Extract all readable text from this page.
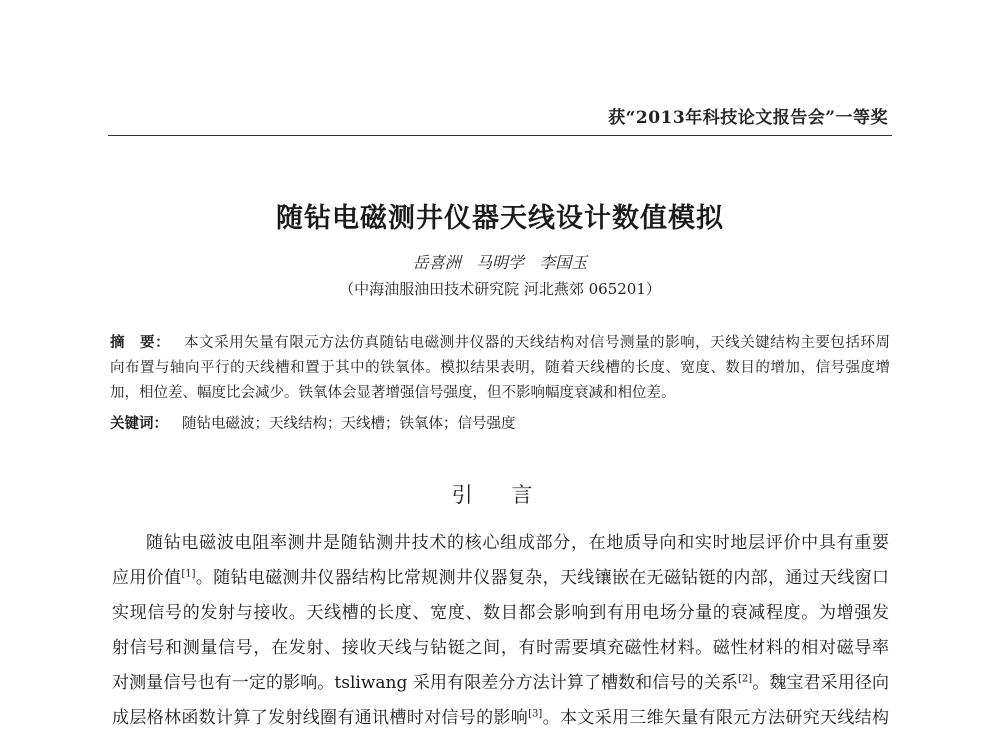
获“2013年科技论文报告会”一等奖
随钻电磁测井仪器天线设计数值模拟
岳喜洲 马明学 李国玉
（中海油服油田技术研究院 河北燕郊 065201）
摘　要： 本文采用矢量有限元方法仿真随钻电磁测井仪器的天线结构对信号测量的影响，天线关键结构主要包括环周
向布置与轴向平行的天线槽和置于其中的铁氧体。模拟结果表明，随着天线槽的长度、宽度、数目的增加，信号强度增
加，相位差、幅度比会减少。铁氧体会显著增强信号强度，但不影响幅度衰减和相位差。
关键词： 随钻电磁波；天线结构；天线槽；铁氧体；信号强度
引 言
随钻电磁波电阻率测井是随钻测井技术的核心组成部分，在地质导向和实时地层评价中具有重要
应用价值[1]。随钻电磁测井仪器结构比常规测井仪器复杂，天线镶嵌在无磁钻铤的内部，通过天线窗口
实现信号的发射与接收。天线槽的长度、宽度、数目都会影响到有用电场分量的衰减程度。为增强发
射信号和测量信号，在发射、接收天线与钻铤之间，有时需要填充磁性材料。磁性材料的相对磁导率
对测量信号也有一定的影响。tsliwang 采用有限差分方法计算了槽数和信号的关系[2]。魏宝君采用径向
成层格林函数计算了发射线圈有通讯槽时对信号的影响[3]。本文采用三维矢量有限元方法研究天线结构
